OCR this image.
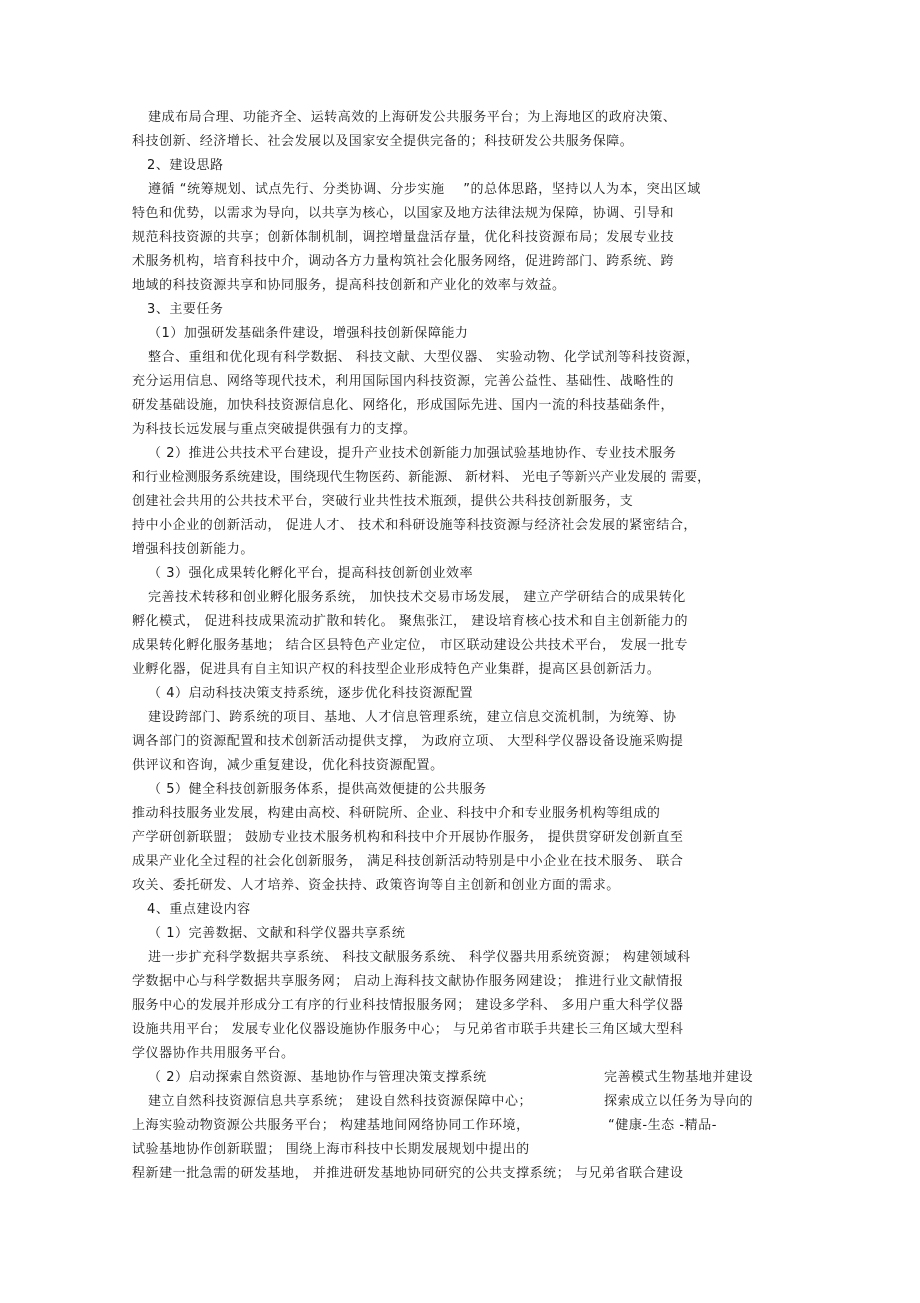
建成布局合理、功能齐全、运转高效的上海研发公共服务平台；为上海地区的政府决策、
科技创新、经济增长、社会发展以及国家安全提供完备的；科技研发公共服务保障。
2、建设思路
遵循 “统筹规划、试点先行、分类协调、分步实施    ”的总体思路，坚持以人为本，突出区域
特色和优势，以需求为导向，以共享为核心，以国家及地方法律法规为保障，协调、引导和
规范科技资源的共享；创新体制机制，调控增量盘活存量，优化科技资源布局；发展专业技
术服务机构，培育科技中介，调动各方力量构筑社会化服务网络，促进跨部门、跨系统、跨
地域的科技资源共享和协同服务，提高科技创新和产业化的效率与效益。
3、主要任务
（1）加强研发基础条件建设，增强科技创新保障能力
整合、重组和优化现有科学数据、 科技文献、大型仪器、 实验动物、化学试剂等科技资源，
充分运用信息、网络等现代技术，利用国际国内科技资源，完善公益性、基础性、战略性的
研发基础设施，加快科技资源信息化、网络化，形成国际先进、国内一流的科技基础条件，
为科技长远发展与重点突破提供强有力的支撑。
（ 2）推进公共技术平台建设，提升产业技术创新能力加强试验基地协作、专业技术服务
和行业检测服务系统建设，围绕现代生物医药、新能源、 新材料、 光电子等新兴产业发展的 需要，
创建社会共用的公共技术平台，突破行业共性技术瓶颈，提供公共科技创新服务，支
持中小企业的创新活动， 促进人才、 技术和科研设施等科技资源与经济社会发展的紧密结合，
增强科技创新能力。
（ 3）强化成果转化孵化平台，提高科技创新创业效率
完善技术转移和创业孵化服务系统， 加快技术交易市场发展， 建立产学研结合的成果转化
孵化模式， 促进科技成果流动扩散和转化。 聚焦张江， 建设培育核心技术和自主创新能力的
成果转化孵化服务基地； 结合区县特色产业定位， 市区联动建设公共技术平台， 发展一批专
业孵化器，促进具有自主知识产权的科技型企业形成特色产业集群，提高区县创新活力。
（ 4）启动科技决策支持系统，逐步优化科技资源配置
建设跨部门、跨系统的项目、基地、人才信息管理系统，建立信息交流机制，为统筹、协
调各部门的资源配置和技术创新活动提供支撑， 为政府立项、 大型科学仪器设备设施采购提
供评议和咨询，减少重复建设，优化科技资源配置。
（ 5）健全科技创新服务体系，提供高效便捷的公共服务
推动科技服务业发展，构建由高校、科研院所、企业、科技中介和专业服务机构等组成的
产学研创新联盟； 鼓励专业技术服务机构和科技中介开展协作服务， 提供贯穿研发创新直至
成果产业化全过程的社会化创新服务， 满足科技创新活动特别是中小企业在技术服务、 联合
攻关、委托研发、人才培养、资金扶持、政策咨询等自主创新和创业方面的需求。
4、重点建设内容
（ 1）完善数据、文献和科学仪器共享系统
进一步扩充科学数据共享系统、 科技文献服务系统、 科学仪器共用系统资源； 构建领域科
学数据中心与科学数据共享服务网； 启动上海科技文献协作服务网建设； 推进行业文献情报
服务中心的发展并形成分工有序的行业科技情报服务网； 建设多学科、 多用户重大科学仪器
设施共用平台； 发展专业化仪器设施协作服务中心； 与兄弟省市联手共建长三角区域大型科
学仪器协作共用服务平台。
（ 2）启动探索自然资源、基地协作与管理决策支撑系统	完善模式生物基地并建设
建立自然科技资源信息共享系统； 建设自然科技资源保障中心；	探索成立以任务为导向的
上海实验动物资源公共服务平台； 构建基地间网络协同工作环境，	“健康-生态 -精品-
试验基地协作创新联盟； 围绕上海市科技中长期发展规划中提出的
程新建一批急需的研发基地， 并推进研发基地协同研究的公共支撑系统； 与兄弟省联合建设
